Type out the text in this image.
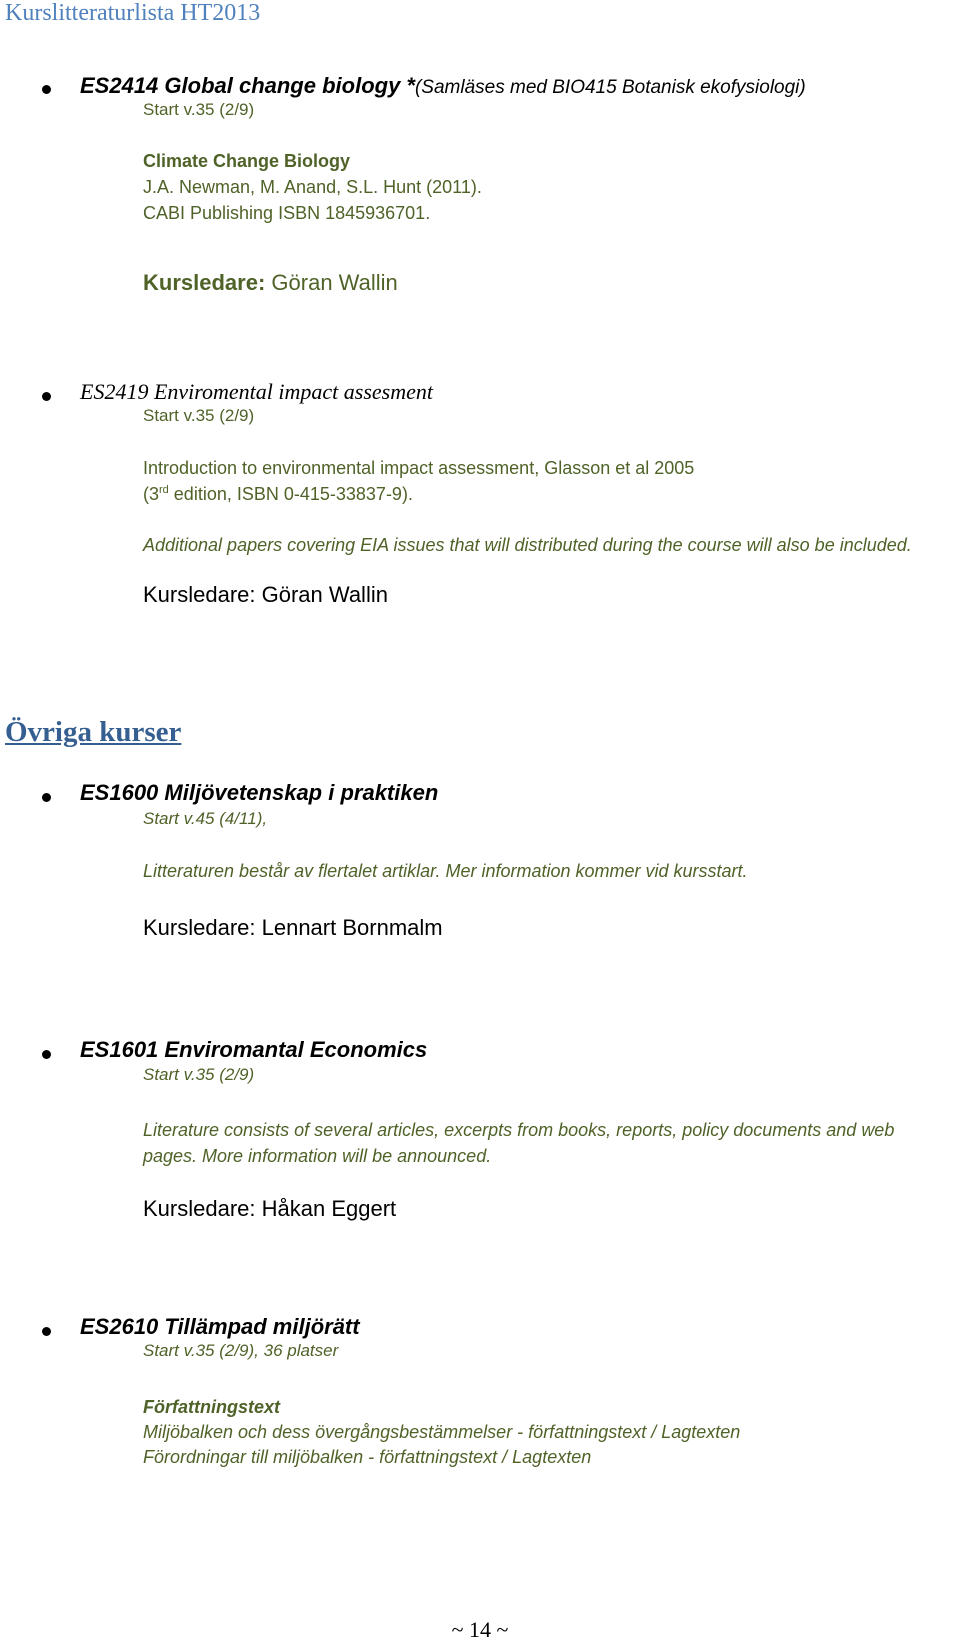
Kurslitteraturlista HT2013
ES2414 Global change biology *(Samläses med BIO415 Botanisk ekofysiologi)
Start v.35 (2/9)
Climate Change Biology
J.A. Newman, M. Anand, S.L. Hunt (2011).
CABI Publishing ISBN 1845936701.
Kursledare: Göran Wallin
ES2419 Enviromental impact assesment
Start v.35 (2/9)
Introduction to environmental impact assessment, Glasson et al 2005
(3rd edition, ISBN 0-415-33837-9).
Additional papers covering EIA issues that will distributed during the course will also be included.
Kursledare: Göran Wallin
Övriga kurser
ES1600 Miljövetenskap i praktiken
Start v.45 (4/11),
Litteraturen består av flertalet artiklar. Mer information kommer vid kursstart.
Kursledare: Lennart Bornmalm
ES1601 Enviromantal Economics
Start v.35 (2/9)
Literature consists of several articles, excerpts from books, reports, policy documents and web pages. More information will be announced.
Kursledare: Håkan Eggert
ES2610 Tillämpad miljörätt
Start v.35 (2/9), 36 platser
Författningstext
Miljöbalken och dess övergångsbestämmelser - författningstext / Lagtexten
Förordningar till miljöbalken - författningstext / Lagtexten
~ 14 ~
